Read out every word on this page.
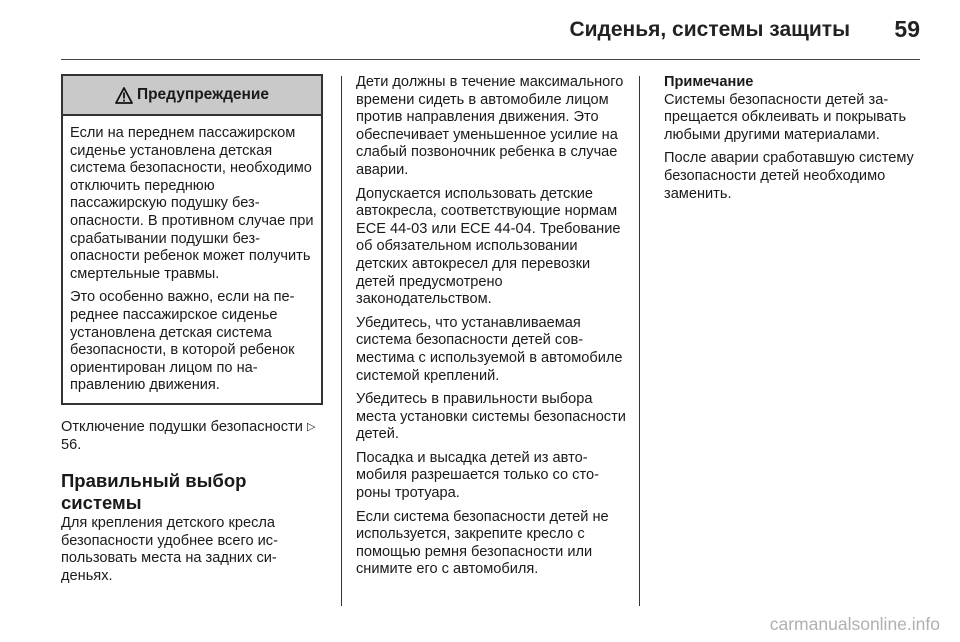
Сиденья, системы защиты	59
Предупреждение

Если на переднем пассажирском сиденье установлена детская система безопасности, необходимо отключить переднюю пассажирскую подушку безопасности. В противном случае при срабатывании подушки безопасности ребенок может получить смертельные травмы.

Это особенно важно, если на переднее пассажирское сиденье установлена детская система безопасности, в которой ребенок ориентирован лицом по направлению движения.

Отключение подушки безопасности ▷ 56.

Правильный выбор системы

Для крепления детского кресла безопасности удобнее всего использовать места на задних сиденьях.

Дети должны в течение максимального времени сидеть в автомобиле лицом против направления движения. Это обеспечивает уменьшенное усилие на слабый позвоночник ребенка в случае аварии.

Допускается использовать детские автокресла, соответствующие нормам ECE 44-03 или ECE 44-04. Требование об обязательном использовании детских автокресел для перевозки детей предусмотрено законодательством.

Убедитесь, что устанавливаемая система безопасности детей совместима с используемой в автомобиле системой креплений.

Убедитесь в правильности выбора места установки системы безопасности детей.

Посадка и высадка детей из автомобиля разрешается только со стороны тротуара.

Если система безопасности детей не используется, закрепите кресло с помощью ремня безопасности или снимите его с автомобиля.

Примечание

Системы безопасности детей запрещается обклеивать и покрывать любыми другими материалами.

После аварии сработавшую систему безопасности детей необходимо заменить.

carmanualsonline.info
